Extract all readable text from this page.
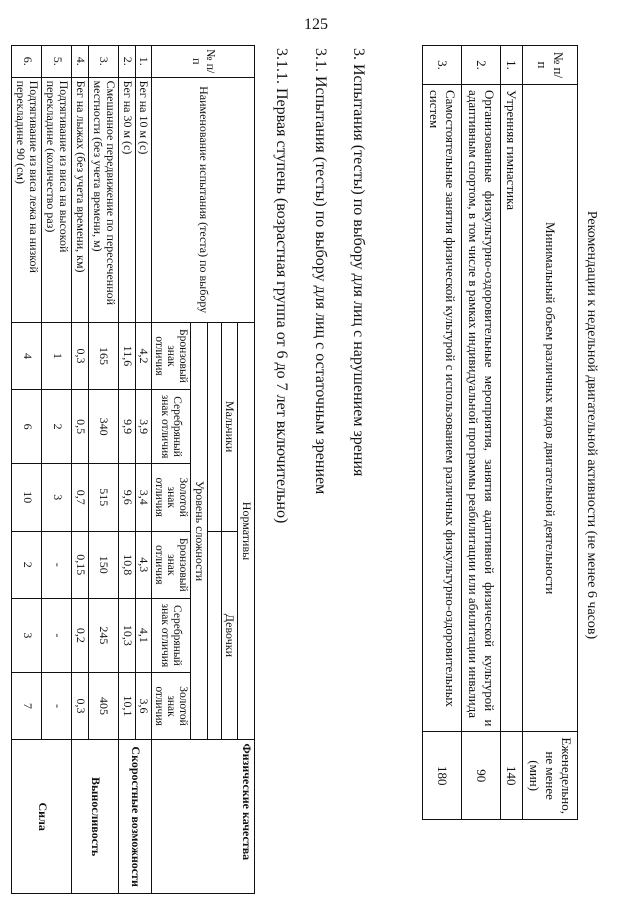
125
Рекомендации к недельной двигательной активности (не менее 6 часов)
№ п/п	Минимальный объем различных видов двигательной деятельности	Еженедельно, не менее (мин)
1.	Утренняя гимнастика	140
2.	Организованные физкультурно-оздоровительные мероприятия, занятия адаптивной физической культурой и адаптивным спортом, в том числе в рамках индивидуальной программы реабилитации или абилитации инвалида	90
3.	Самостоятельные занятия физической культурой с использованием различных физкультурно-оздоровительных систем	180
3. Испытания (тесты) по выбору для лиц с нарушением зрения
3.1. Испытания (тесты) по выбору для лиц с остаточным зрением
3.1.1. Первая ступень (возрастная группа от 6 до 7 лет включительно)
№ п/п	Наименование испытания (теста) по выбору	Нормативы						Физические качества
		Мальчики			Девочки			

		Уровень сложности						
		Бронзовый знак отличия	Серебряный знак отличия	Золотой знак отличия	Бронзовый знак отличия	Серебряный знак отличия	Золотой знак отличия	
1.	Бег на 10 м (с)	4,2	3,9	3,4	4,3	4,1	3,6	Скоростные возможности
2.	Бег на 30 м (с)	11,6	9,9	9,6	10,8	10,3	10,1	
3.	Смешанное передвижение по пересеченной местности (без учета времени, м)	165	340	515	150	245	405	Выносливость
4.	Бег на лыжах (без учета времени, км)	0,3	0,5	0,7	0,15	0,2	0,3	
5.	Подтягивание из виса на высокой перекладине (количество раз)	1	2	3	-	-	-	Сила
6.	Подтягивание из виса лежа на низкой перекладине 90 (см)	4	6	10	2	3	7	
